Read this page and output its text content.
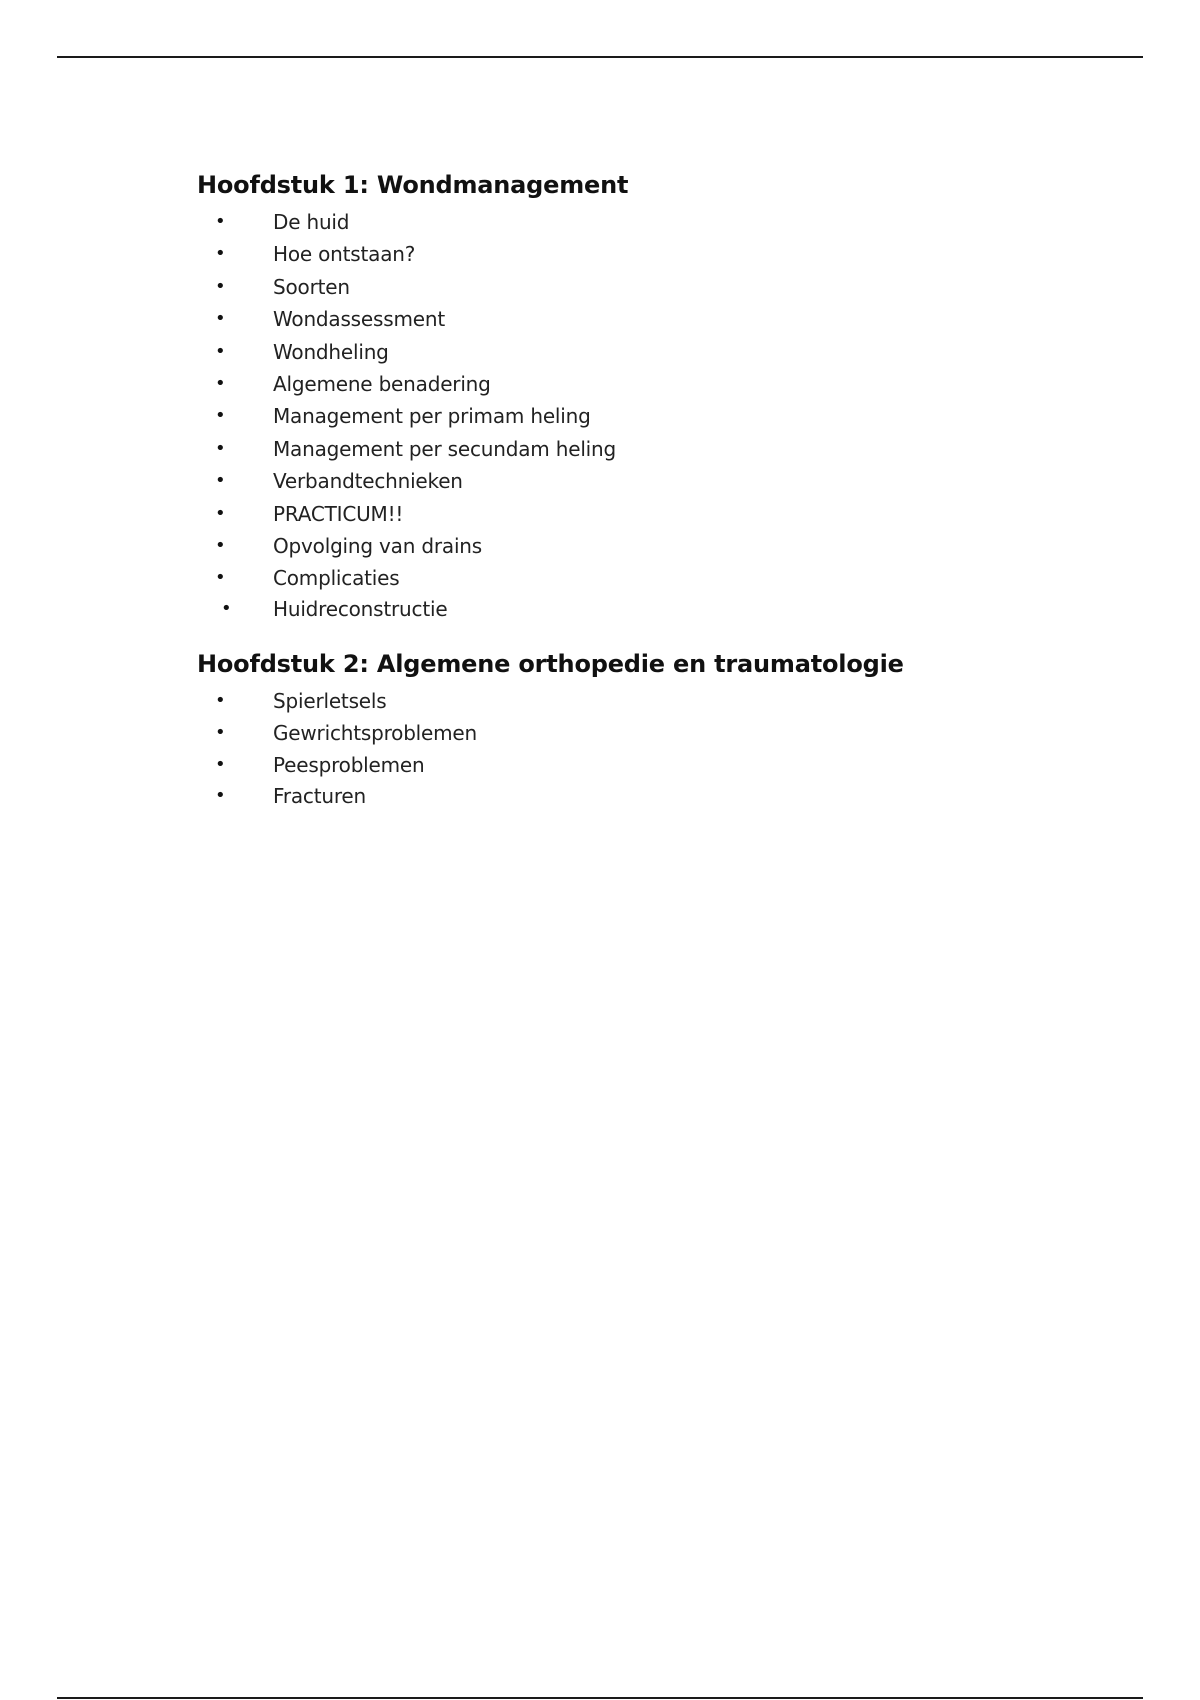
Hoofdstuk 1: Wondmanagement
• De huid
• Hoe ontstaan?
• Soorten
• Wondassessment
• Wondheling
• Algemene benadering
• Management per primam heling
• Management per secundam heling
• Verbandtechnieken
• PRACTICUM!!
• Opvolging van drains
• Complicaties
• Huidreconstructie
Hoofdstuk 2: Algemene orthopedie en traumatologie
• Spierletsels
• Gewrichtsproblemen
• Peesproblemen
• Fracturen
